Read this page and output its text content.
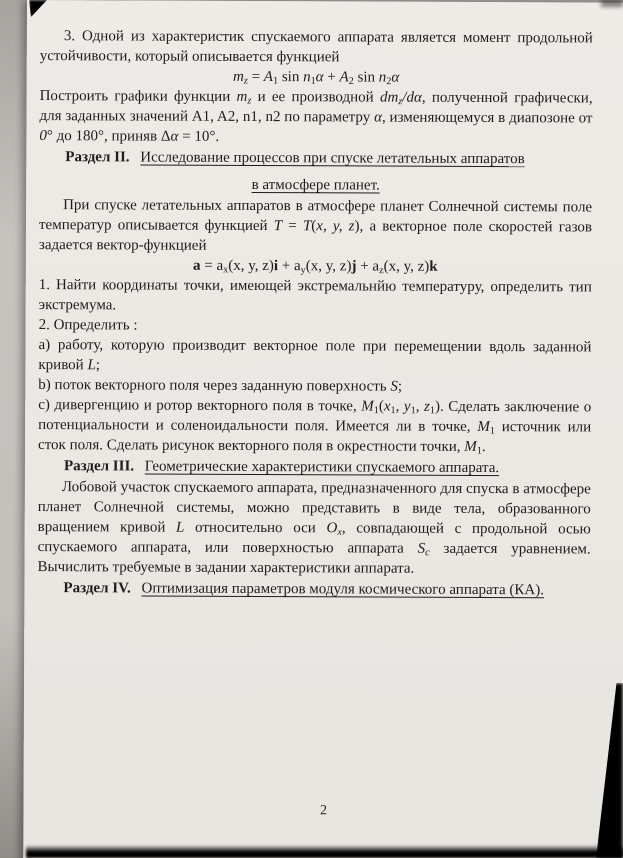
3. Одной из характеристик спускаемого аппарата является момент продольной устойчивости, который описывается функцией

$m_z = A_1$ $\sin n_1\alpha + A_2$ $\sin n_2\alpha$

Построить графики функции $m_z$ и ее производной $dm_z/d\alpha$, полученной графически, для заданных значений A1, A2, n1, n2 по параметру α, изменяющемуся в диапозоне от 0° до 180°, приняв Δα = 10°.

Раздел II. Исследование процессов при спуске летательных аппаратов
в атмосфере планет.

При спуске летательных аппаратов в атмосфере планет Солнечной системы поле температур описывается функцией T = T(x, y, z), а векторное поле скоростей газов задается вектор-функцией

$a = a_x(x$, y, $z)i + a_y(x$, y, $z)j + a_z(x$, y, z)k

1. Найти координаты точки, имеющей экстремальнйю температуру, определить тип экстремума.

2. Определить :

а) работу, которую производит векторное поле при перемещении вдоль заданной кривой L;

b) поток векторного поля через заданную поверхность S;

c) дивергенцию и ротор векторного поля в точке, $M_1(x_1$, $y_1$, $z_1$). Сделать заключение о потенциальности и соленоидальности поля. Имеется ли в точке, $M_1$ источник или сток поля. Сделать рисунок векторного поля в окрестности точки, $M_1$.

Раздел III. Геометрические характеристики спускаемого аппарата.

Лобовой участок спускаемого аппарата, предназначенного для спуска в атмосфере планет Солнечной системы, можно представить в виде тела, образованного вращением кривой L относительно оси $O_x$, совпадающей с продольной осью спускаемого аппарата, или поверхностью аппарата $S_c$ задается уравнением. Вычислить требуемые в задании характеристики аппарата.

Раздел IV. Оптимизация параметров модуля космического аппарата (КА).
2
